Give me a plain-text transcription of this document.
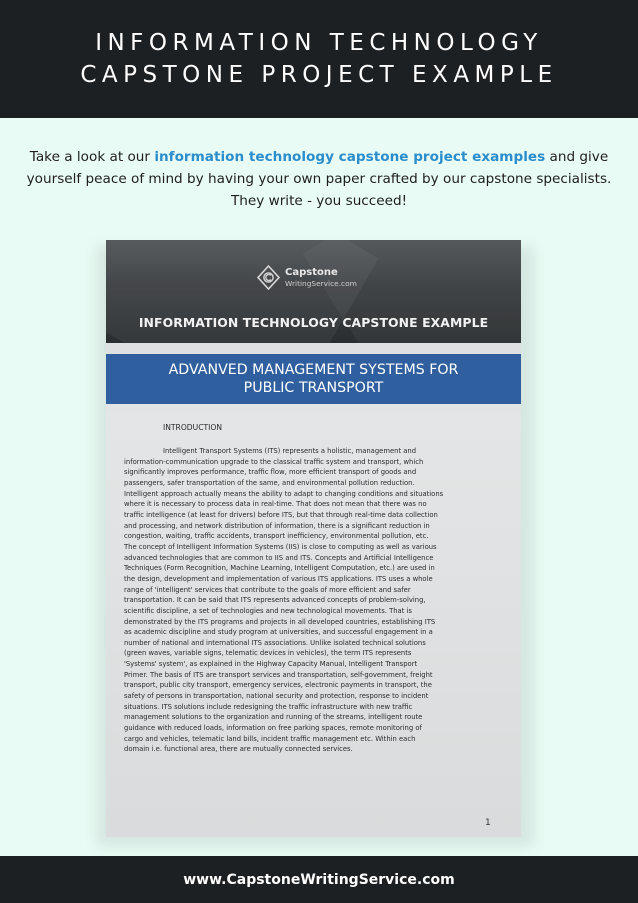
INFORMATION TECHNOLOGY
CAPSTONE PROJECT EXAMPLE

Take a look at our information technology capstone project examples and give yourself peace of mind by having your own paper crafted by our capstone specialists. They write - you succeed!

Capstone
WritingService.com
INFORMATION TECHNOLOGY CAPSTONE EXAMPLE
ADVANVED MANAGEMENT SYSTEMS FOR
PUBLIC TRANSPORT
INTRODUCTION
Intelligent Transport Systems (ITS) represents a holistic, management and
information-communication upgrade to the classical traffic system and transport, which
significantly improves performance, traffic flow, more efficient transport of goods and
passengers, safer transportation of the same, and environmental pollution reduction.
Intelligent approach actually means the ability to adapt to changing conditions and situations
where it is necessary to process data in real-time. That does not mean that there was no
traffic intelligence (at least for drivers) before ITS, but that through real-time data collection
and processing, and network distribution of information, there is a significant reduction in
congestion, waiting, traffic accidents, transport inefficiency, environmental pollution, etc.
The concept of Intelligent Information Systems (IIS) is close to computing as well as various
advanced technologies that are common to IIS and ITS. Concepts and Artificial Intelligence
Techniques (Form Recognition, Machine Learning, Intelligent Computation, etc.) are used in
the design, development and implementation of various ITS applications. ITS uses a whole
range of 'intelligent' services that contribute to the goals of more efficient and safer
transportation. It can be said that ITS represents advanced concepts of problem-solving,
scientific discipline, a set of technologies and new technological movements. That is
demonstrated by the ITS programs and projects in all developed countries, establishing ITS
as academic discipline and study program at universities, and successful engagement in a
number of national and international ITS associations. Unlike isolated technical solutions
(green waves, variable signs, telematic devices in vehicles), the term ITS represents
'Systems' system', as explained in the Highway Capacity Manual, Intelligent Transport
Primer. The basis of ITS are transport services and transportation, self-government, freight
transport, public city transport, emergency services, electronic payments in transport, the
safety of persons in transportation, national security and protection, response to incident
situations. ITS solutions include redesigning the traffic infrastructure with new traffic
management solutions to the organization and running of the streams, intelligent route
guidance with reduced loads, information on free parking spaces, remote monitoring of
cargo and vehicles, telematic land bills, incident traffic management etc. Within each
domain i.e. functional area, there are mutually connected services.
1
www.CapstoneWritingService.com
